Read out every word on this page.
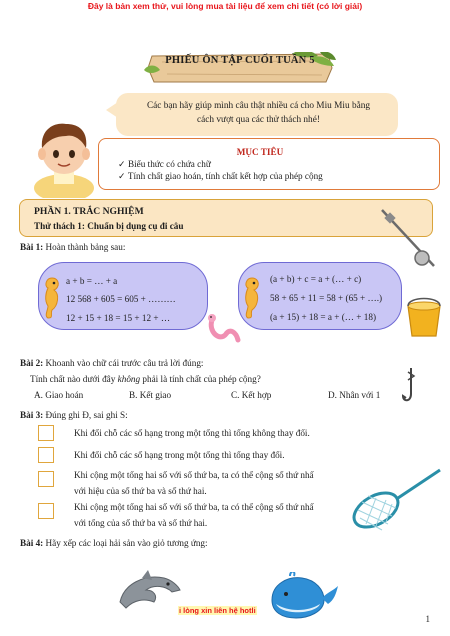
Đây là bản xem thử, vui lòng mua tài liệu để xem chi tiết (có lời giải)
PHIẾU ÔN TẬP CUỐI TUẦN 5
Các bạn hãy giúp mình câu thật nhiều cá cho Miu Miu bằng
cách vượt qua các thử thách nhé!
MỤC TIÊU
✓ Biểu thức có chứa chữ
✓ Tính chất giao hoán, tính chất kết hợp của phép cộng
PHẦN 1. TRẮC NGHIỆM
Thử thách 1: Chuẩn bị dụng cụ đi câu
Bài 1: Hoàn thành bảng sau:
a + b = … + a
12 568 + 605 = 605 + ………
12 + 15 + 18 = 15 + 12 + …
(a + b) + c = a + (… + c)
58 + 65 + 11 = 58 + (65 + ….)
(a + 15) + 18 = a + (… + 18)
Bài 2: Khoanh vào chữ cái trước câu trả lời đúng:
Tính chất nào dưới đây không phải là tính chất của phép cộng?
A. Giao hoán	B. Kết giao	C. Kết hợp	D. Nhân với 1
Bài 3: Đúng ghi Đ, sai ghi S:
Khi đổi chỗ các số hạng trong một tổng thì tổng không thay đổi.
Khi đổi chỗ các số hạng trong một tổng thì tổng thay đổi.
Khi cộng một tổng hai số với số thứ ba, ta có thể cộng số thứ nhấ
với hiệu của số thứ ba và số thứ hai.
Khi cộng một tổng hai số với số thứ ba, ta có thể cộng số thứ nhấ
với tổng của số thứ ba và số thứ hai.
Bài 4: Hãy xếp các loại hải sản vào giỏ tương ứng:
i lòng xin liên hệ hotli
1
